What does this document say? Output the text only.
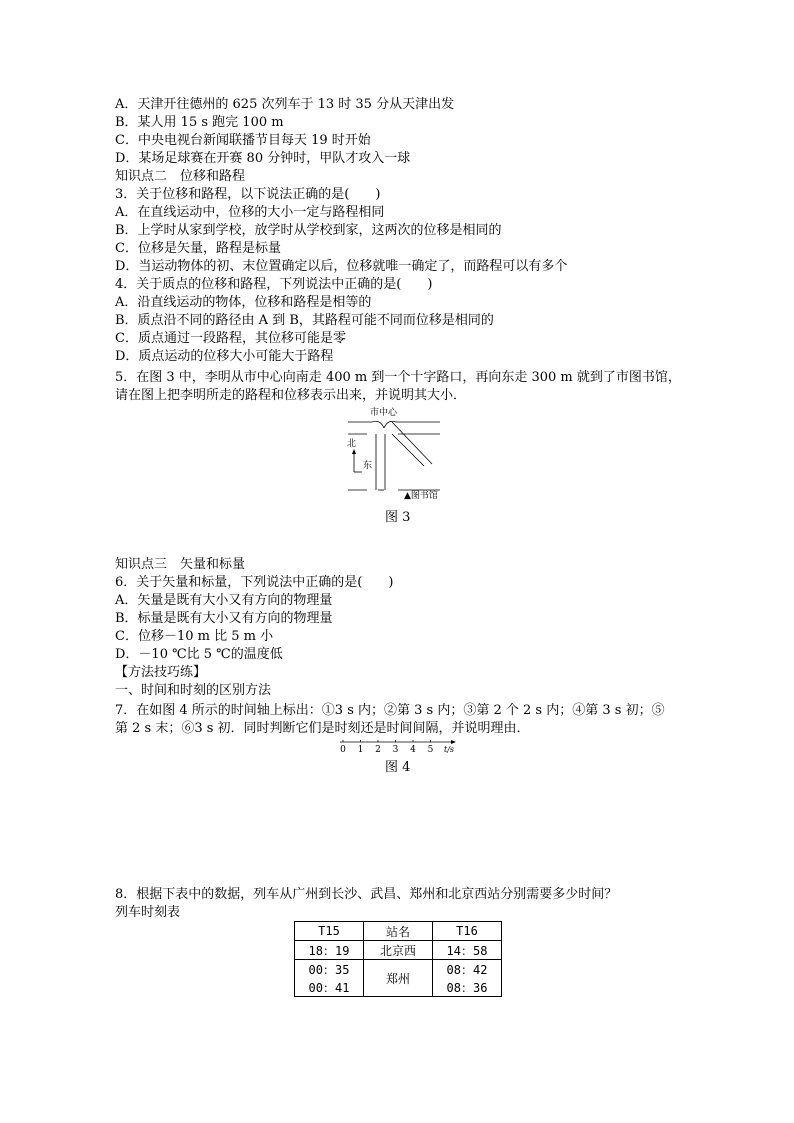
A．天津开往德州的 625 次列车于 13 时 35 分从天津出发
B．某人用 15 s 跑完 100 m
C．中央电视台新闻联播节目每天 19 时开始
D．某场足球赛在开赛 80 分钟时，甲队才攻入一球
知识点二　位移和路程
3．关于位移和路程，以下说法正确的是(　　)
A．在直线运动中，位移的大小一定与路程相同
B．上学时从家到学校，放学时从学校到家，这两次的位移是相同的
C．位移是矢量，路程是标量
D．当运动物体的初、末位置确定以后，位移就唯一确定了，而路程可以有多个
4．关于质点的位移和路程，下列说法中正确的是(　　)
A．沿直线运动的物体，位移和路程是相等的
B．质点沿不同的路径由 A 到 B，其路程可能不同而位移是相同的
C．质点通过一段路程，其位移可能是零
D．质点运动的位移大小可能大于路程
5．在图 3 中，李明从市中心向南走 400 m 到一个十字路口，再向东走 300 m 就到了市图书馆，
请在图上把李明所走的路程和位移表示出来，并说明其大小．
市中心
北
东
▲图书馆
图 3
知识点三　矢量和标量
6．关于矢量和标量，下列说法中正确的是(　　)
A．矢量是既有大小又有方向的物理量
B．标量是既有大小又有方向的物理量
C．位移－10 m 比 5 m 小
D．－10 ℃比 5 ℃的温度低
【方法技巧练】
一、时间和时刻的区别方法
7．在如图 4 所示的时间轴上标出：①3 s 内；②第 3 s 内；③第 2 个 2 s 内；④第 3 s 初；⑤
第 2 s 末；⑥3 s 初．同时判断它们是时刻还是时间间隔，并说明理由．
0 1 2 3 4 5 t/s
图 4
8．根据下表中的数据，列车从广州到长沙、武昌、郑州和北京西站分别需要多少时间？
列车时刻表
T15	站名	T16
18：19	北京西	14：58
00：35	郑州	08：42
00：41		08：36
